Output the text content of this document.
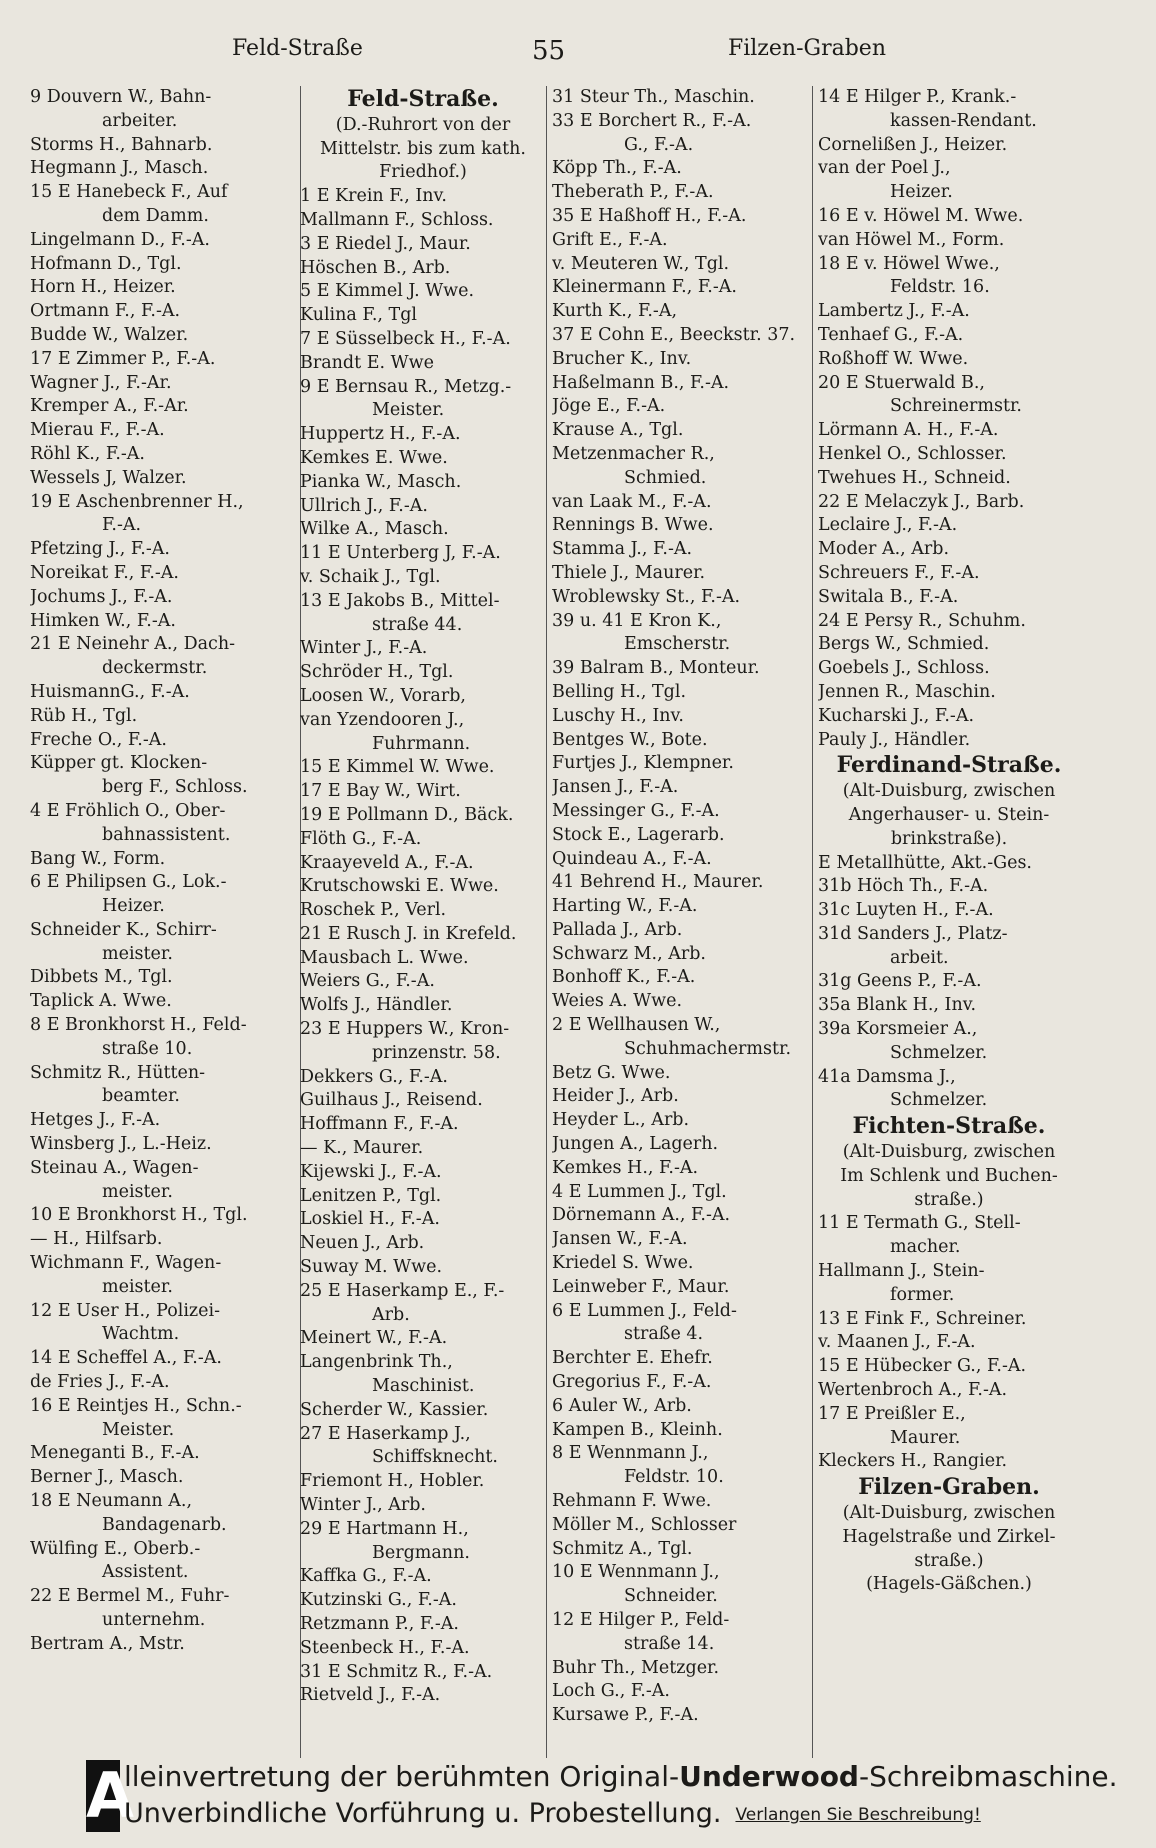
Feld-Straße	55	Filzen-Graben
9 Douvern W., Bahn-
arbeiter.
Storms H., Bahnarb.
Hegmann J., Masch.
15 E Hanebeck F., Auf
dem Damm.
Lingelmann D., F.-A.
Hofmann D., Tgl.
Horn H., Heizer.
Ortmann F., F.-A.
Budde W., Walzer.
17 E Zimmer P., F.-A.
Wagner J., F.-Ar.
Kremper A., F.-Ar.
Mierau F., F.-A.
Röhl K., F.-A.
Wessels J, Walzer.
19 E Aschenbrenner H.,
F.-A.
Pfetzing J., F.-A.
Noreikat F., F.-A.
Jochums J., F.-A.
Himken W., F.-A.
21 E Neinehr A., Dach-
deckermstr.
HuismannG., F.-A.
Rüb H., Tgl.
Freche O., F.-A.
Küpper gt. Klocken-
berg F., Schloss.
4 E Fröhlich O., Ober-
bahnassistent.
Bang W., Form.
6 E Philipsen G., Lok.-
Heizer.
Schneider K., Schirr-
meister.
Dibbets M., Tgl.
Taplick A. Wwe.
8 E Bronkhorst H., Feld-
straße 10.
Schmitz R., Hütten-
beamter.
Hetges J., F.-A.
Winsberg J., L.-Heiz.
Steinau A., Wagen-
meister.
10 E Bronkhorst H., Tgl.
— H., Hilfsarb.
Wichmann F., Wagen-
meister.
12 E User H., Polizei-
Wachtm.
14 E Scheffel A., F.-A.
de Fries J., F.-A.
16 E Reintjes H., Schn.-
Meister.
Meneganti B., F.-A.
Berner J., Masch.
18 E Neumann A.,
Bandagenarb.
Wülfing E., Oberb.-
Assistent.
22 E Bermel M., Fuhr-
unternehm.
Bertram A., Mstr.
Feld-Straße.
(D.-Ruhrort von der
Mittelstr. bis zum kath.
Friedhof.)
1 E Krein F., Inv.
Mallmann F., Schloss.
3 E Riedel J., Maur.
Höschen B., Arb.
5 E Kimmel J. Wwe.
Kulina F., Tgl
7 E Süsselbeck H., F.-A.
Brandt E. Wwe
9 E Bernsau R., Metzg.-
Meister.
Huppertz H., F.-A.
Kemkes E. Wwe.
Pianka W., Masch.
Ullrich J., F.-A.
Wilke A., Masch.
11 E Unterberg J, F.-A.
v. Schaik J., Tgl.
13 E Jakobs B., Mittel-
straße 44.
Winter J., F.-A.
Schröder H., Tgl.
Loosen W., Vorarb,
van Yzendooren J.,
Fuhrmann.
15 E Kimmel W. Wwe.
17 E Bay W., Wirt.
19 E Pollmann D., Bäck.
Flöth G., F.-A.
Kraayeveld A., F.-A.
Krutschowski E. Wwe.
Roschek P., Verl.
21 E Rusch J. in Krefeld.
Mausbach L. Wwe.
Weiers G., F.-A.
Wolfs J., Händler.
23 E Huppers W., Kron-
prinzenstr. 58.
Dekkers G., F.-A.
Guilhaus J., Reisend.
Hoffmann F., F.-A.
— K., Maurer.
Kijewski J., F.-A.
Lenitzen P., Tgl.
Loskiel H., F.-A.
Neuen J., Arb.
Suway M. Wwe.
25 E Haserkamp E., F.-
Arb.
Meinert W., F.-A.
Langenbrink Th.,
Maschinist.
Scherder W., Kassier.
27 E Haserkamp J.,
Schiffsknecht.
Friemont H., Hobler.
Winter J., Arb.
29 E Hartmann H.,
Bergmann.
Kaffka G., F.-A.
Kutzinski G., F.-A.
Retzmann P., F.-A.
Steenbeck H., F.-A.
31 E Schmitz R., F.-A.
Rietveld J., F.-A.
31 Steur Th., Maschin.
33 E Borchert R., F.-A.
G., F.-A.
Köpp Th., F.-A.
Theberath P., F.-A.
35 E Haßhoff H., F.-A.
Grift E., F.-A.
v. Meuteren W., Tgl.
Kleinermann F., F.-A.
Kurth K., F.-A,
37 E Cohn E., Beeckstr. 37.
Brucher K., Inv.
Haßelmann B., F.-A.
Jöge E., F.-A.
Krause A., Tgl.
Metzenmacher R.,
Schmied.
van Laak M., F.-A.
Rennings B. Wwe.
Stamma J., F.-A.
Thiele J., Maurer.
Wroblewsky St., F.-A.
39 u. 41 E Kron K.,
Emscherstr.
39 Balram B., Monteur.
Belling H., Tgl.
Luschy H., Inv.
Bentges W., Bote.
Furtjes J., Klempner.
Jansen J., F.-A.
Messinger G., F.-A.
Stock E., Lagerarb.
Quindeau A., F.-A.
41 Behrend H., Maurer.
Harting W., F.-A.
Pallada J., Arb.
Schwarz M., Arb.
Bonhoff K., F.-A.
Weies A. Wwe.
2 E Wellhausen W.,
Schuhmachermstr.
Betz G. Wwe.
Heider J., Arb.
Heyder L., Arb.
Jungen A., Lagerh.
Kemkes H., F.-A.
4 E Lummen J., Tgl.
Dörnemann A., F.-A.
Jansen W., F.-A.
Kriedel S. Wwe.
Leinweber F., Maur.
6 E Lummen J., Feld-
straße 4.
Berchter E. Ehefr.
Gregorius F., F.-A.
6 Auler W., Arb.
Kampen B., Kleinh.
8 E Wennmann J.,
Feldstr. 10.
Rehmann F. Wwe.
Möller M., Schlosser
Schmitz A., Tgl.
10 E Wennmann J.,
Schneider.
12 E Hilger P., Feld-
straße 14.
Buhr Th., Metzger.
Loch G., F.-A.
Kursawe P., F.-A.
14 E Hilger P., Krank.-
kassen-Rendant.
Cornelißen J., Heizer.
van der Poel J.,
Heizer.
16 E v. Höwel M. Wwe.
van Höwel M., Form.
18 E v. Höwel Wwe.,
Feldstr. 16.
Lambertz J., F.-A.
Tenhaef G., F.-A.
Roßhoff W. Wwe.
20 E Stuerwald B.,
Schreinermstr.
Lörmann A. H., F.-A.
Henkel O., Schlosser.
Twehues H., Schneid.
22 E Melaczyk J., Barb.
Leclaire J., F.-A.
Moder A., Arb.
Schreuers F., F.-A.
Switala B., F.-A.
24 E Persy R., Schuhm.
Bergs W., Schmied.
Goebels J., Schloss.
Jennen R., Maschin.
Kucharski J., F.-A.
Pauly J., Händler.
Ferdinand-Straße.
(Alt-Duisburg, zwischen
Angerhauser- u. Stein-
brinkstraße).
E Metallhütte, Akt.-Ges.
31b Höch Th., F.-A.
31c Luyten H., F.-A.
31d Sanders J., Platz-
arbeit.
31g Geens P., F.-A.
35a Blank H., Inv.
39a Korsmeier A.,
Schmelzer.
41a Damsma J.,
Schmelzer.
Fichten-Straße.
(Alt-Duisburg, zwischen
Im Schlenk und Buchen-
straße.)
11 E Termath G., Stell-
macher.
Hallmann J., Stein-
former.
13 E Fink F., Schreiner.
v. Maanen J., F.-A.
15 E Hübecker G., F.-A.
Wertenbroch A., F.-A.
17 E Preißler E.,
Maurer.
Kleckers H., Rangier.
Filzen-Graben.
(Alt-Duisburg, zwischen
Hagelstraße und Zirkel-
straße.)
(Hagels-Gäßchen.)
A
lleinvertretung der berühmten Original-Underwood-Schreibmaschine.
Unverbindliche Vorführung u. Probestellung. Verlangen Sie Beschreibung!
